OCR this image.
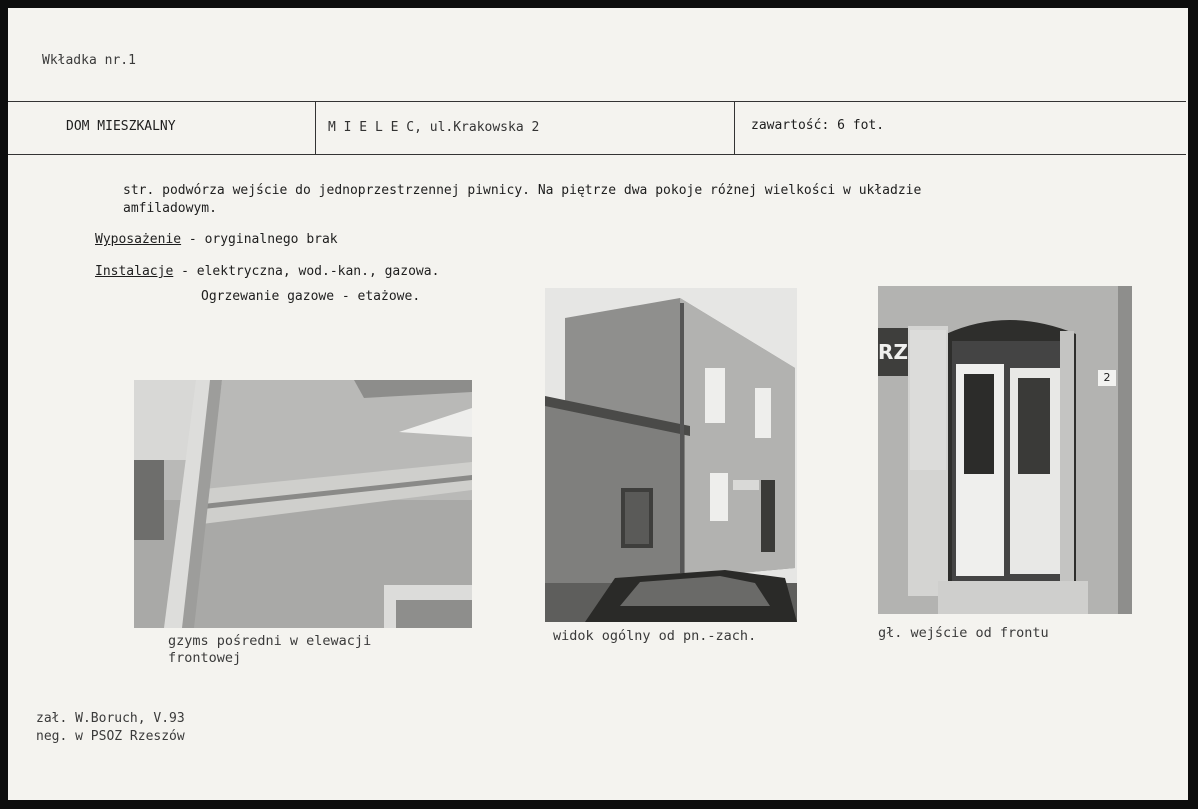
Wkładka nr.1
DOM MIESZKALNY	M I E L E C, ul.Krakowska 2	zawartość: 6 fot.
str. podwórza wejście do jednoprzestrzennej piwnicy. Na piętrze dwa pokoje różnej wielkości w układzie
amfiladowym.
Wyposażenie - oryginalnego brak
Instalacje - elektryczna, wod.-kan., gazowa.
Ogrzewanie gazowe - etażowe.
gzyms pośredni w elewacji
frontowej
widok ogólny od pn.-zach.
RZ
2
gł. wejście od frontu
zał. W.Boruch, V.93
neg. w PSOZ Rzeszów
